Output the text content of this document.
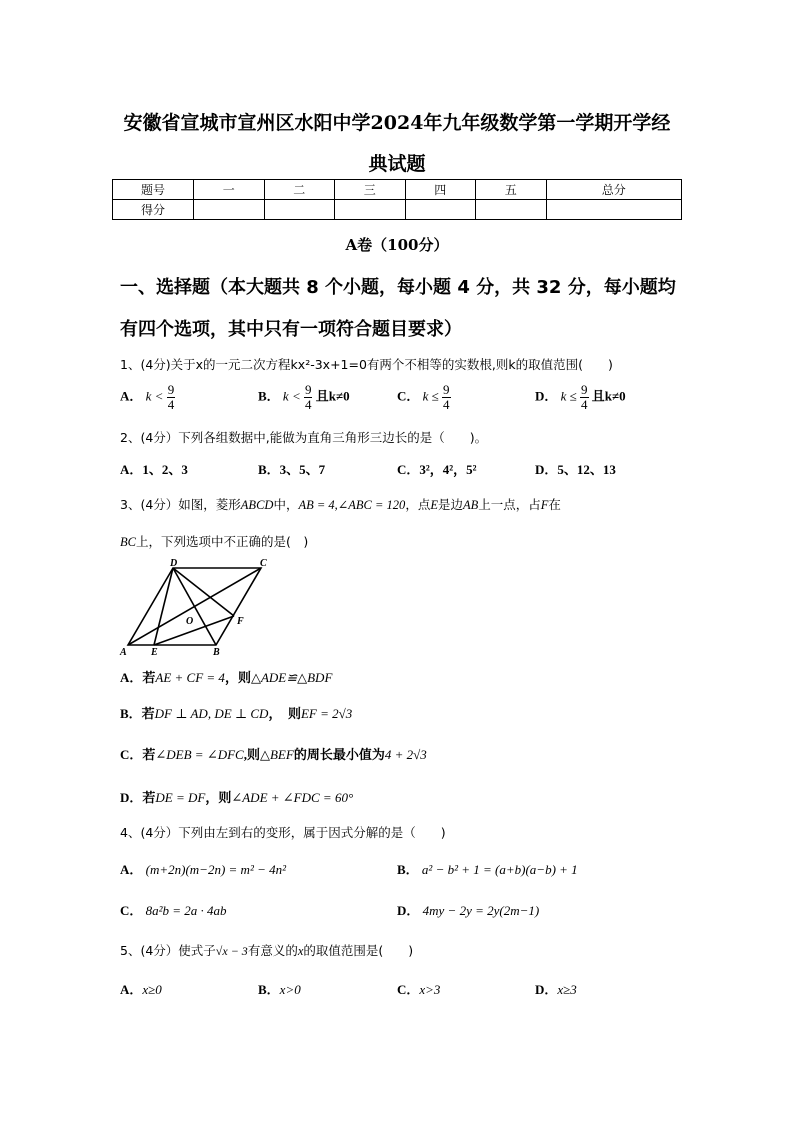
安徽省宣城市宣州区水阳中学2024年九年级数学第一学期开学经
典试题
题号	一	二	三	四	五	总分
得分						
A卷（100分）
一、选择题（本大题共 8 个小题，每小题 4 分，共 32 分，每小题均
有四个选项，其中只有一项符合题目要求）
1、(4分)关于x的一元二次方程kx²-3x+1=0有两个不相等的实数根,则k的取值范围(　　)
A． $k < \frac{9}{4}$	B． $k < \frac{9}{4}$ 且k≠0	C． $k \le \frac{9}{4}$	D． $k \le \frac{9}{4}$ 且k≠0
2、(4分）下列各组数据中,能做为直角三角形三边长的是（　　)。
A．1、2、3	B．3、5、7	C．3²，4²，5²	D．5、12、13
3、(4分）如图，菱形ABCD中，AB = 4,∠ABC = 120，点E是边AB上一点，占F在
BC上，下列选项中不正确的是(　)
D	C
O	F
A E	B
A．若AE + CF = 4，则△ADE≌△BDF
B．若DF ⊥ AD, DE ⊥ CD，　则EF = 2√3
C．若∠DEB = ∠DFC,则△BEF的周长最小值为4 + 2√3
D．若DE = DF，则∠ADE + ∠FDC = 60°
4、(4分）下列由左到右的变形，属于因式分解的是（　　)
A． (m+2n)(m−2n) = m² − 4n²	B． a² − b² + 1 = (a+b)(a−b) + 1
C． 8a²b = 2a · 4ab	D． 4my − 2y = 2y(2m−1)
5、(4分）使式子√x − 3有意义的x的取值范围是(　　)
A．x≥0	B．x>0	C．x>3	D．x≥3
